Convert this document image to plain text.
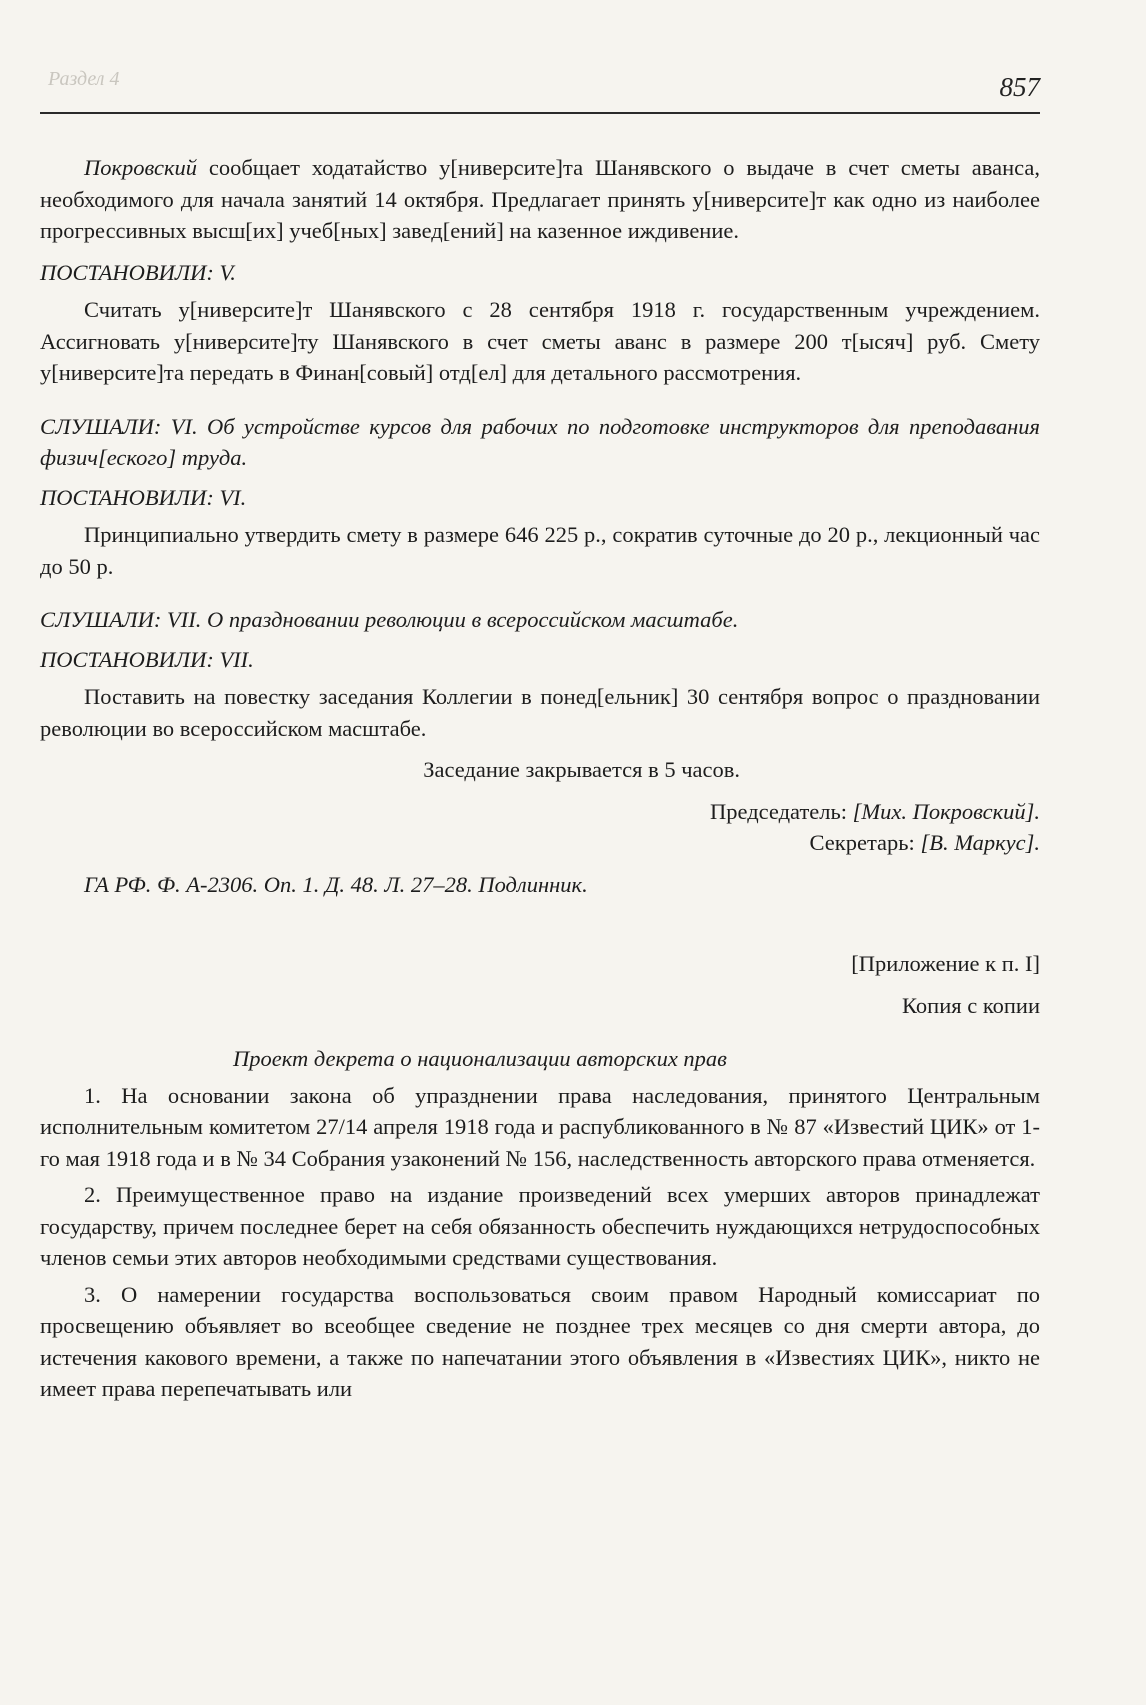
Раздел 4	857

Покровский сообщает ходатайство у[ниверсите]та Шанявского о выдаче в счет сметы аванса, необходимого для начала занятий 14 октября. Предлагает принять у[ниверсите]т как одно из наиболее прогрессивных высш[их] учеб[ных] завед[ений] на казенное иждивение.

ПОСТАНОВИЛИ: V.

Считать у[ниверсите]т Шанявского с 28 сентября 1918 г. государственным учреждением. Ассигновать у[ниверсите]ту Шанявского в счет сметы аванс в размере 200 т[ысяч] руб. Смету у[ниверсите]та передать в Финан[совый] отд[ел] для детального рассмотрения.

СЛУШАЛИ: VI. Об устройстве курсов для рабочих по подготовке инструкторов для преподавания физич[еского] труда.

ПОСТАНОВИЛИ: VI.

Принципиально утвердить смету в размере 646 225 р., сократив суточные до 20 р., лекционный час до 50 р.

СЛУШАЛИ: VII. О праздновании революции в всероссийском масштабе.

ПОСТАНОВИЛИ: VII.

Поставить на повестку заседания Коллегии в понед[ельник] 30 сентября вопрос о праздновании революции во всероссийском масштабе.

Заседание закрывается в 5 часов.

Председатель: [Мих. Покровский].

Секретарь: [В. Маркус].

ГА РФ. Ф. А-2306. Оп. 1. Д. 48. Л. 27–28. Подлинник.

[Приложение к п. I]

Копия с копии

Проект декрета о национализации авторских прав

1. На основании закона об упразднении права наследования, принятого Центральным исполнительным комитетом 27/14 апреля 1918 года и распубликованного в № 87 «Известий ЦИК» от 1-го мая 1918 года и в № 34 Собрания узаконений № 156, наследственность авторского права отменяется.

2. Преимущественное право на издание произведений всех умерших авторов принадлежат государству, причем последнее берет на себя обязанность обеспечить нуждающихся нетрудоспособных членов семьи этих авторов необходимыми средствами существования.

3. О намерении государства воспользоваться своим правом Народный комиссариат по просвещению объявляет во всеобщее сведение не позднее трех месяцев со дня смерти автора, до истечения какового времени, а также по напечатании этого объявления в «Известиях ЦИК», никто не имеет права перепечатывать или
